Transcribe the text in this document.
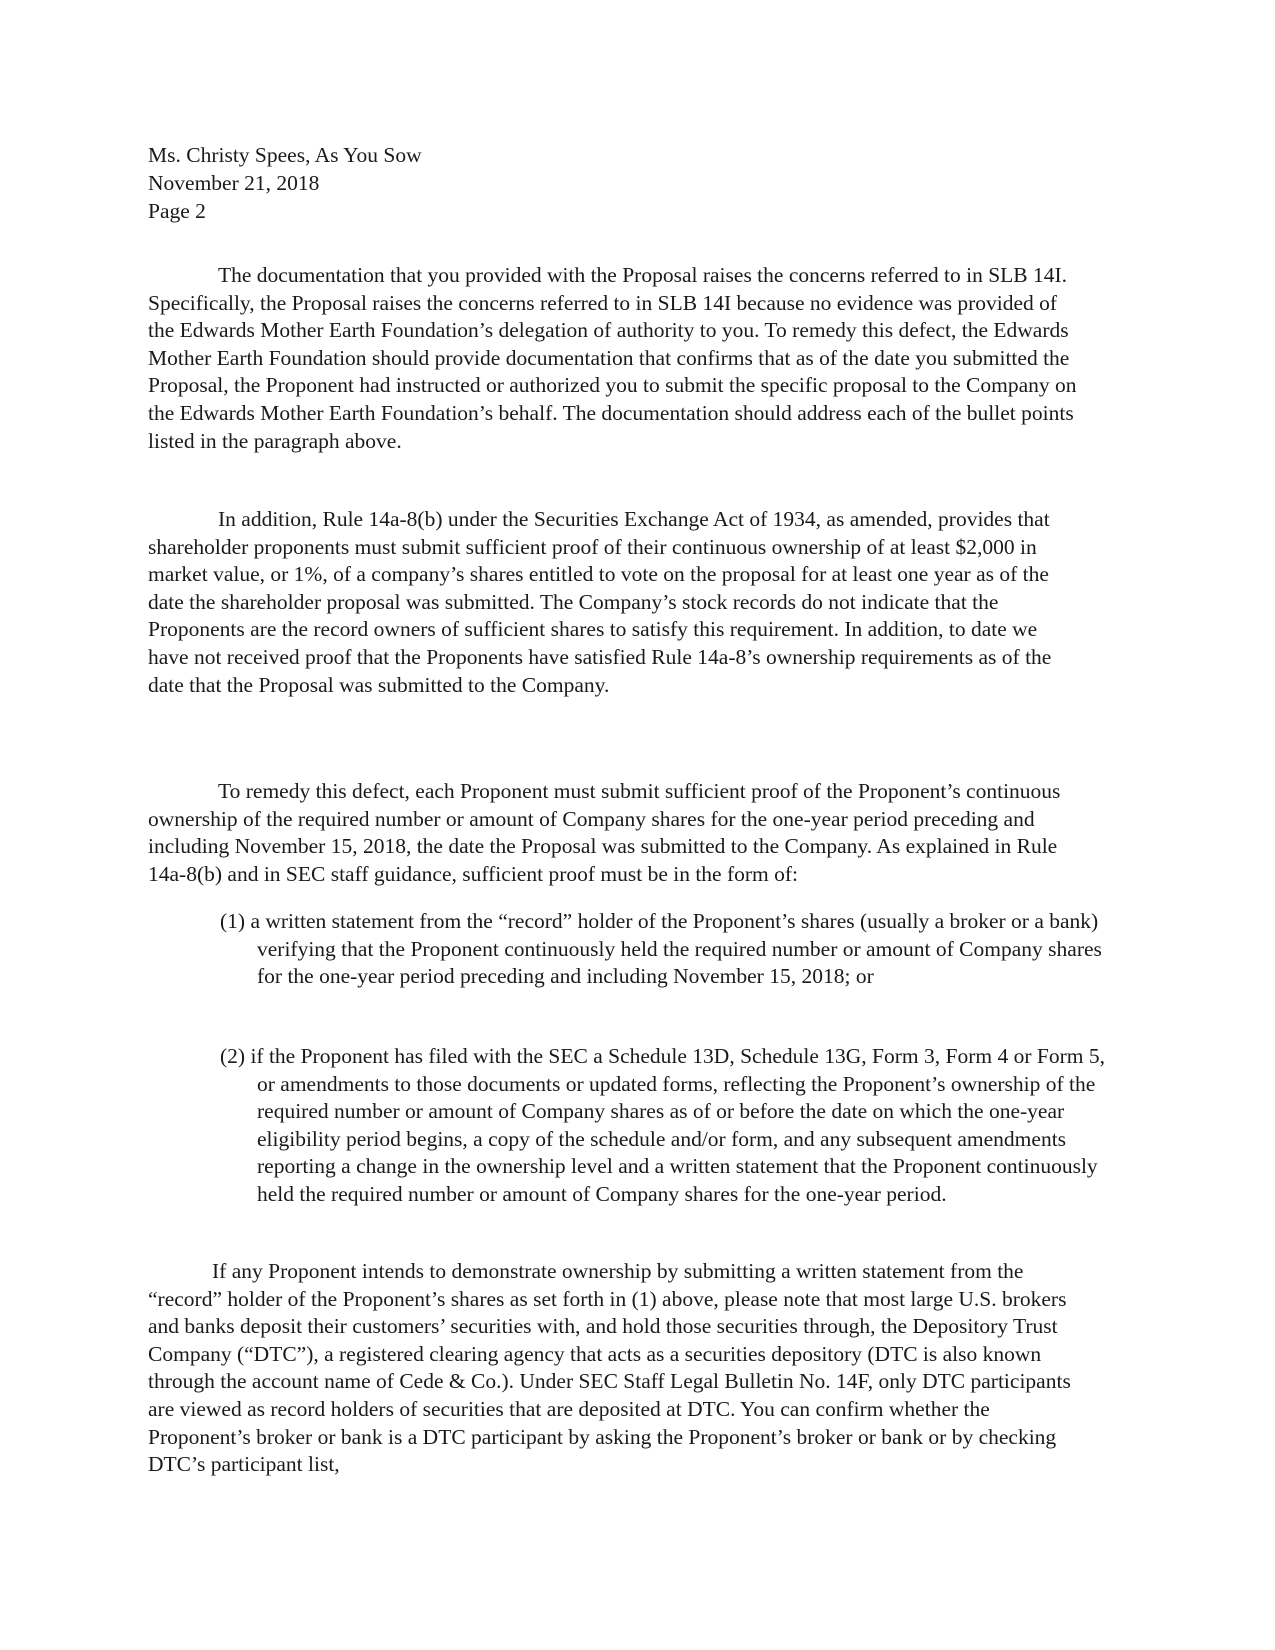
Ms. Christy Spees, As You Sow
November 21, 2018
Page 2

The documentation that you provided with the Proposal raises the concerns referred to in SLB 14I. Specifically, the Proposal raises the concerns referred to in SLB 14I because no evidence was provided of the Edwards Mother Earth Foundation’s delegation of authority to you. To remedy this defect, the Edwards Mother Earth Foundation should provide documentation that confirms that as of the date you submitted the Proposal, the Proponent had instructed or authorized you to submit the specific proposal to the Company on the Edwards Mother Earth Foundation’s behalf. The documentation should address each of the bullet points listed in the paragraph above.

In addition, Rule 14a-8(b) under the Securities Exchange Act of 1934, as amended, provides that shareholder proponents must submit sufficient proof of their continuous ownership of at least $2,000 in market value, or 1%, of a company’s shares entitled to vote on the proposal for at least one year as of the date the shareholder proposal was submitted. The Company’s stock records do not indicate that the Proponents are the record owners of sufficient shares to satisfy this requirement. In addition, to date we have not received proof that the Proponents have satisfied Rule 14a-8’s ownership requirements as of the date that the Proposal was submitted to the Company.

To remedy this defect, each Proponent must submit sufficient proof of the Proponent’s continuous ownership of the required number or amount of Company shares for the one-year period preceding and including November 15, 2018, the date the Proposal was submitted to the Company. As explained in Rule 14a-8(b) and in SEC staff guidance, sufficient proof must be in the form of:

(1) a written statement from the “record” holder of the Proponent’s shares (usually a broker or a bank) verifying that the Proponent continuously held the required number or amount of Company shares for the one-year period preceding and including November 15, 2018; or

(2) if the Proponent has filed with the SEC a Schedule 13D, Schedule 13G, Form 3, Form 4 or Form 5, or amendments to those documents or updated forms, reflecting the Proponent’s ownership of the required number or amount of Company shares as of or before the date on which the one-year eligibility period begins, a copy of the schedule and/or form, and any subsequent amendments reporting a change in the ownership level and a written statement that the Proponent continuously held the required number or amount of Company shares for the one-year period.

If any Proponent intends to demonstrate ownership by submitting a written statement from the “record” holder of the Proponent’s shares as set forth in (1) above, please note that most large U.S. brokers and banks deposit their customers’ securities with, and hold those securities through, the Depository Trust Company (“DTC”), a registered clearing agency that acts as a securities depository (DTC is also known through the account name of Cede & Co.). Under SEC Staff Legal Bulletin No. 14F, only DTC participants are viewed as record holders of securities that are deposited at DTC. You can confirm whether the Proponent’s broker or bank is a DTC participant by asking the Proponent’s broker or bank or by checking DTC’s participant list,
